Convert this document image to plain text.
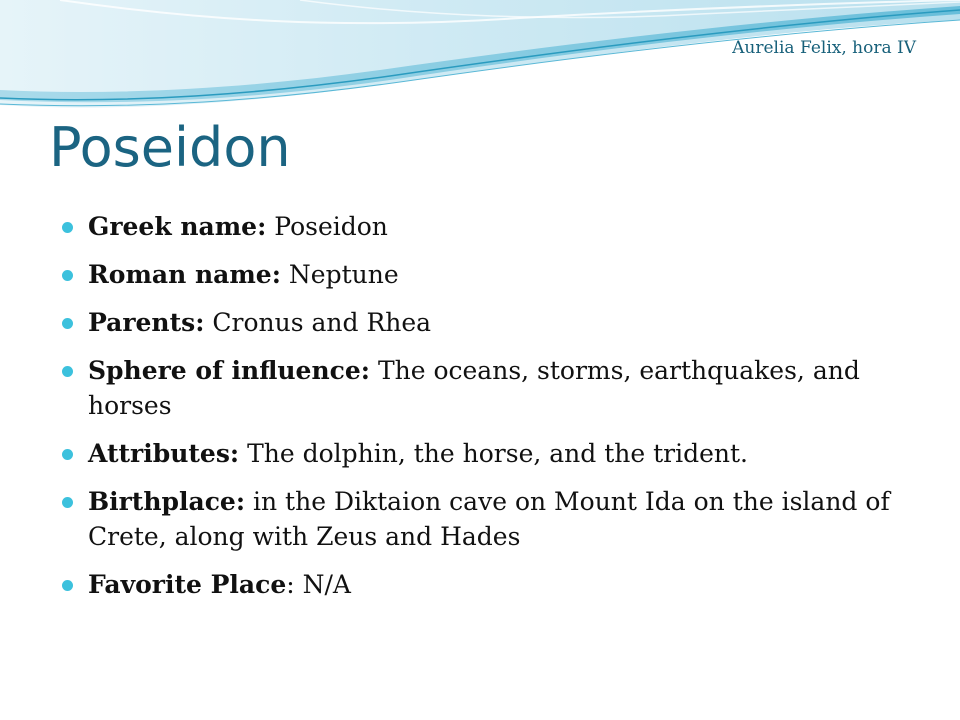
Aurelia Felix, hora IV
Poseidon
Greek name: Poseidon
Roman name: Neptune
Parents: Cronus and Rhea
Sphere of influence: The oceans, storms, earthquakes, and horses
Attributes: The dolphin, the horse, and the trident.
Birthplace: in the Diktaion cave on Mount Ida on the island of Crete, along with Zeus and Hades
Favorite Place: N/A
